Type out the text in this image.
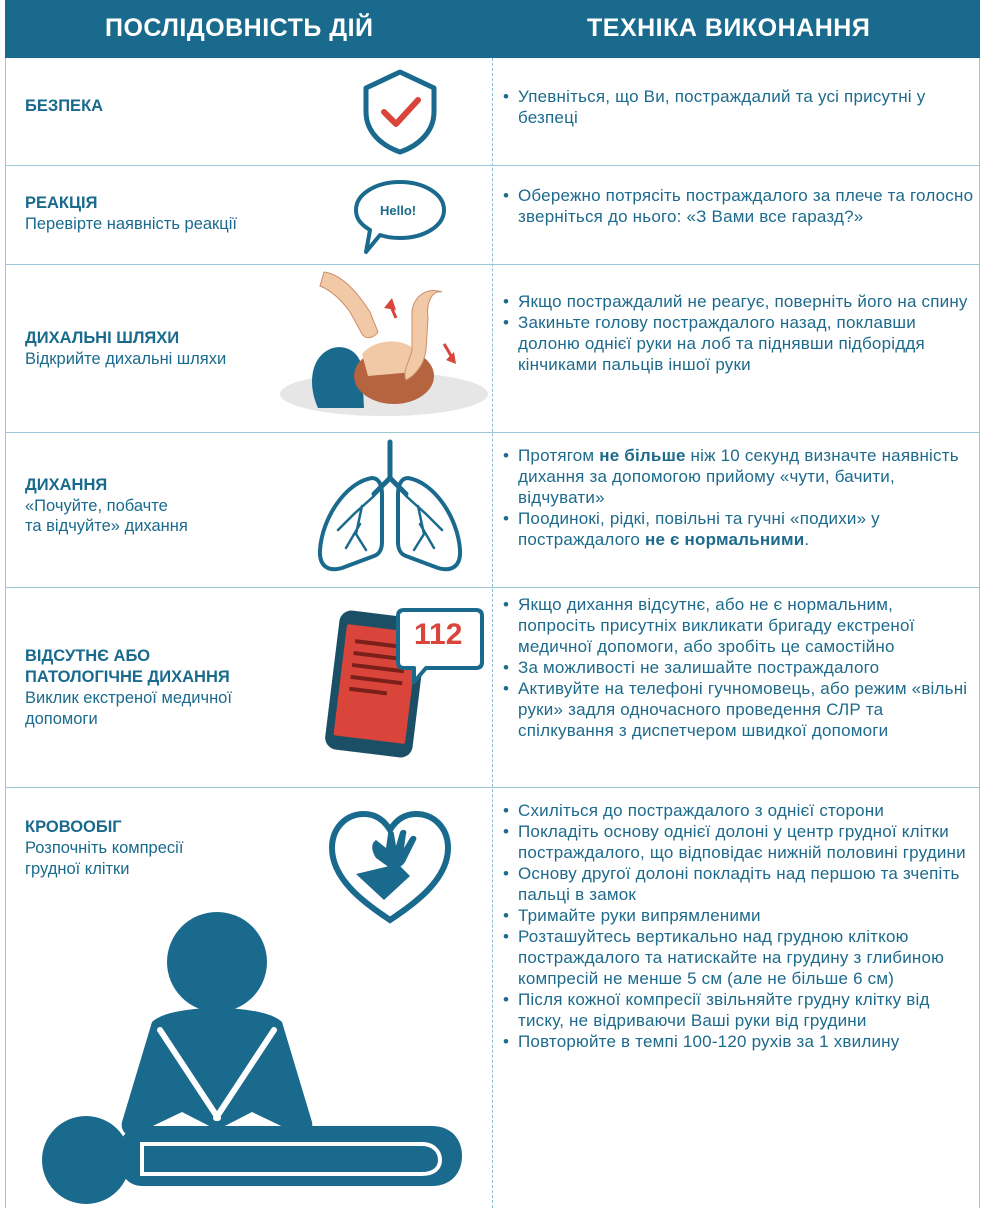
ПОСЛІДОВНІСТЬ ДІЙ	ТЕХНІКА ВИКОНАННЯ
БЕЗПЕКА
•	Упевніться, що Ви, постраждалий та усі присутні у безпеці
РЕАКЦІЯ
Перевірте наявність реакції
Hello!
• Обережно потрясіть постраждалого за плече та голосно зверніться до нього: «З Вами все гаразд?»
ДИХАЛЬНІ ШЛЯХИ
Відкрийте дихальні шляхи
• Якщо постраждалий не реагує, поверніть його на спину
• Закиньте голову постраждалого назад, поклавши долоню однієї руки на лоб та піднявши підборіддя кінчиками пальців іншої руки
ДИХАННЯ
«Почуйте, побачте
та відчуйте» дихання
• Протягом не більше ніж 10 секунд визначте наявність дихання за допомогою прийому «чути, бачити, відчувати»
• Поодинокі, рідкі, повільні та гучні «подихи» у постраждалого не є нормальними.
ВІДСУТНЄ АБО
ПАТОЛОГІЧНЕ ДИХАННЯ
Виклик екстреної медичної
допомоги
112
• Якщо дихання відсутнє, або не є нормальним, попросіть присутніх викликати бригаду екстреної медичної допомоги, або зробіть це самостійно
• За можливості не залишайте постраждалого
• Активуйте на телефоні гучномовець, або режим «вільні руки» задля одночасного проведення СЛР та спілкування з диспетчером швидкої допомоги
КРОВООБІГ
Розпочніть компресії
грудної клітки
• Схиліться до постраждалого з однієї сторони
• Покладіть основу однієї долоні у центр грудної клітки постраждалого, що відповідає нижній половині грудини
• Основу другої долоні покладіть над першою та зчепіть пальці в замок
• Тримайте руки випрямленими
• Розташуйтесь вертикально над грудною кліткою постраждалого та натискайте на грудину з глибиною компресій не менше 5 см (але не більше 6 см)
• Після кожної компресії звільняйте грудну клітку від тиску, не відриваючи Ваші руки від грудини
• Повторюйте в темпі 100-120 рухів за 1 хвилину
